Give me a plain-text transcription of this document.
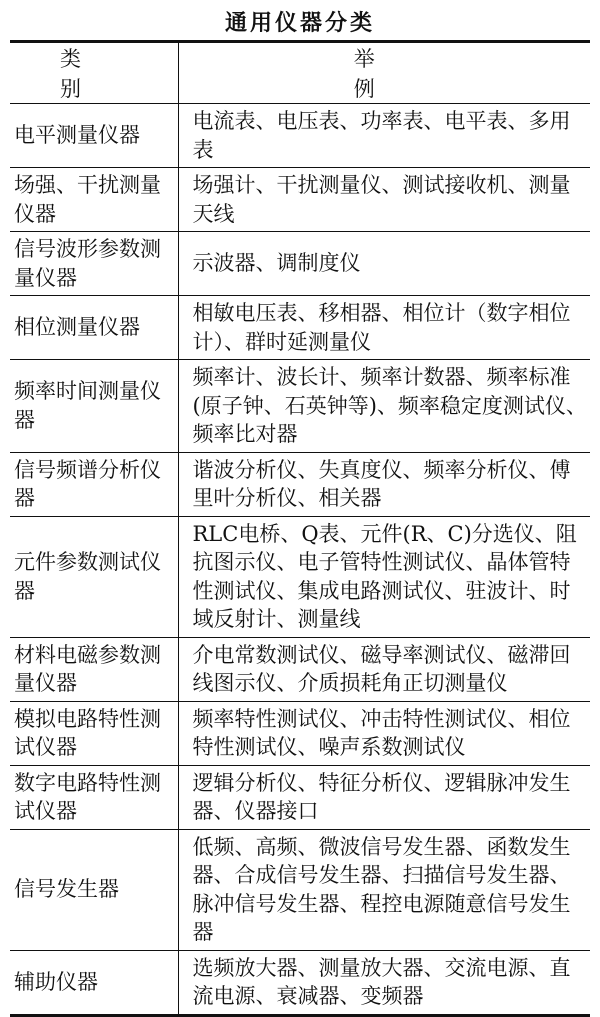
通用仪器分类
类别	举例
电平测量仪器	电流表、电压表、功率表、电平表、多用表
场强、干扰测量仪器	场强计、干扰测量仪、测试接收机、测量天线
信号波形参数测量仪器	示波器、调制度仪
相位测量仪器	相敏电压表、移相器、相位计（数字相位计）、群时延测量仪
频率时间测量仪器	频率计、波长计、频率计数器、频率标准(原子钟、石英钟等)、频率稳定度测试仪、频率比对器
信号频谱分析仪器	谐波分析仪、失真度仪、频率分析仪、傅里叶分析仪、相关器
元件参数测试仪器	RLC电桥、Q表、元件(R、C)分选仪、阻抗图示仪、电子管特性测试仪、晶体管特性测试仪、集成电路测试仪、驻波计、时域反射计、测量线
材料电磁参数测量仪器	介电常数测试仪、磁导率测试仪、磁滞回线图示仪、介质损耗角正切测量仪
模拟电路特性测试仪器	频率特性测试仪、冲击特性测试仪、相位特性测试仪、噪声系数测试仪
数字电路特性测试仪器	逻辑分析仪、特征分析仪、逻辑脉冲发生器、仪器接口
信号发生器	低频、高频、微波信号发生器、函数发生器、合成信号发生器、扫描信号发生器、脉冲信号发生器、程控电源随意信号发生器
辅助仪器	选频放大器、测量放大器、交流电源、直流电源、衰减器、变频器
